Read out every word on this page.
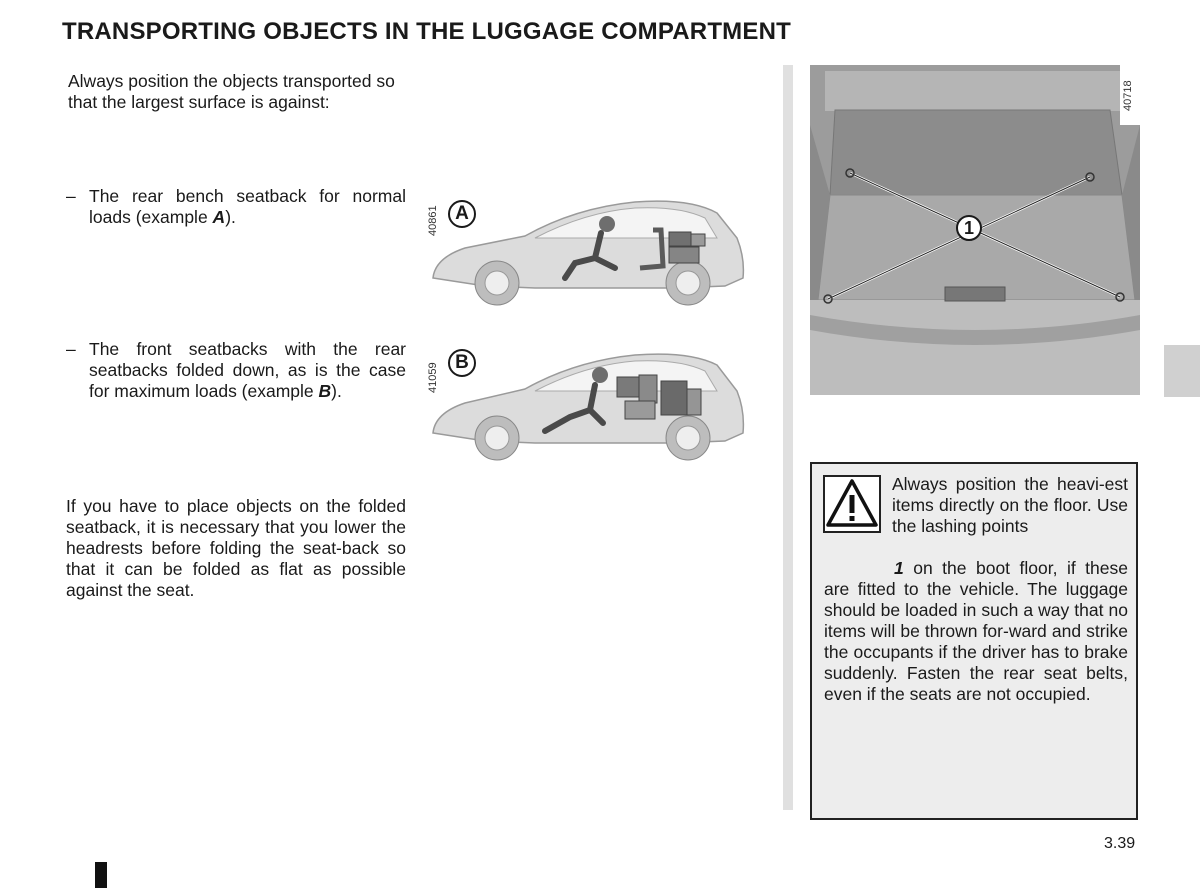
TRANSPORTING OBJECTS IN THE LUGGAGE COMPARTMENT
Always position the objects transported so that the largest surface is against:
– The rear bench seatback for normal loads (example A).
– The front seatbacks with the rear seatbacks folded down, as is the case for maximum loads (example B).
If you have to place objects on the folded seatback, it is necessary that you lower the headrests before folding the seat-back so that it can be folded as flat as possible against the seat.
40861 A
41059 B
40718
1
Always position the heavi-est items directly on the floor. Use the lashing points
1 on the boot floor, if these are fitted to the vehicle. The luggage should be loaded in such a way that no items will be thrown for-ward and strike the occupants if the driver has to brake suddenly. Fasten the rear seat belts, even if the seats are not occupied.
3.39
